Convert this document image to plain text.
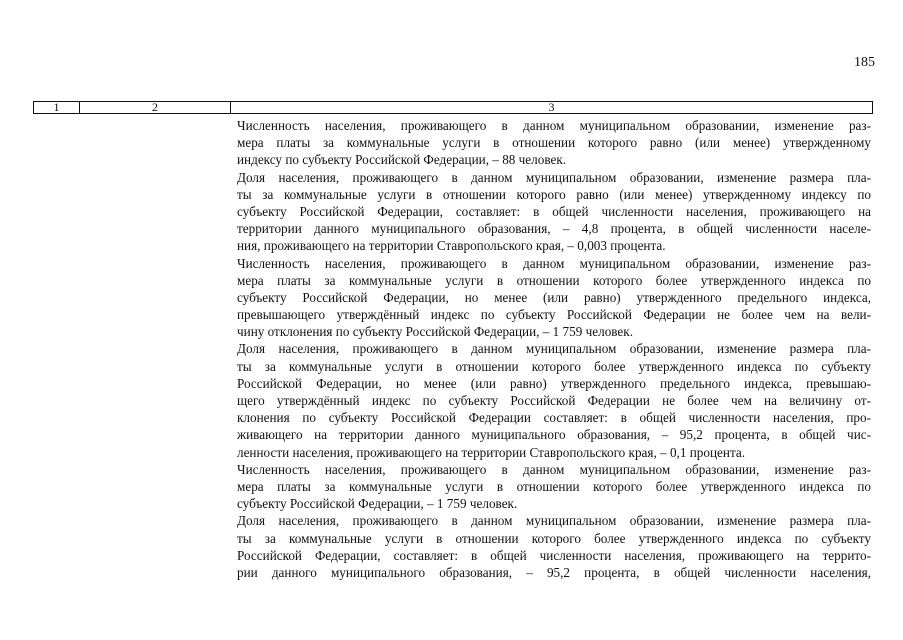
185
1	2	3
Численность населения, проживающего в данном муниципальном образовании, изменение раз-
мера платы за коммунальные услуги в отношении которого равно (или менее) утвержденному
индексу по субъекту Российской Федерации, – 88 человек.
Доля населения, проживающего в данном муниципальном образовании, изменение размера пла-
ты за коммунальные услуги в отношении которого равно (или менее) утвержденному индексу по
субъекту Российской Федерации, составляет: в общей численности населения, проживающего на
территории данного муниципального образования, – 4,8 процента, в общей численности населе-
ния, проживающего на территории Ставропольского края, – 0,003 процента.
Численность населения, проживающего в данном муниципальном образовании, изменение раз-
мера платы за коммунальные услуги в отношении которого более утвержденного индекса по
субъекту Российской Федерации, но менее (или равно) утвержденного предельного индекса,
превышающего утверждённый индекс по субъекту Российской Федерации не более чем на вели-
чину отклонения по субъекту Российской Федерации, – 1 759 человек.
Доля населения, проживающего в данном муниципальном образовании, изменение размера пла-
ты за коммунальные услуги в отношении которого более утвержденного индекса по субъекту
Российской Федерации, но менее (или равно) утвержденного предельного индекса, превышаю-
щего утверждённый индекс по субъекту Российской Федерации не более чем на величину от-
клонения по субъекту Российской Федерации составляет: в общей численности населения, про-
живающего на территории данного муниципального образования, – 95,2 процента, в общей чис-
ленности населения, проживающего на территории Ставропольского края, – 0,1 процента.
Численность населения, проживающего в данном муниципальном образовании, изменение раз-
мера платы за коммунальные услуги в отношении которого более утвержденного индекса по
субъекту Российской Федерации, – 1 759 человек.
Доля населения, проживающего в данном муниципальном образовании, изменение размера пла-
ты за коммунальные услуги в отношении которого более утвержденного индекса по субъекту
Российской Федерации, составляет: в общей численности населения, проживающего на террито-
рии данного муниципального образования, – 95,2 процента, в общей численности населения,
